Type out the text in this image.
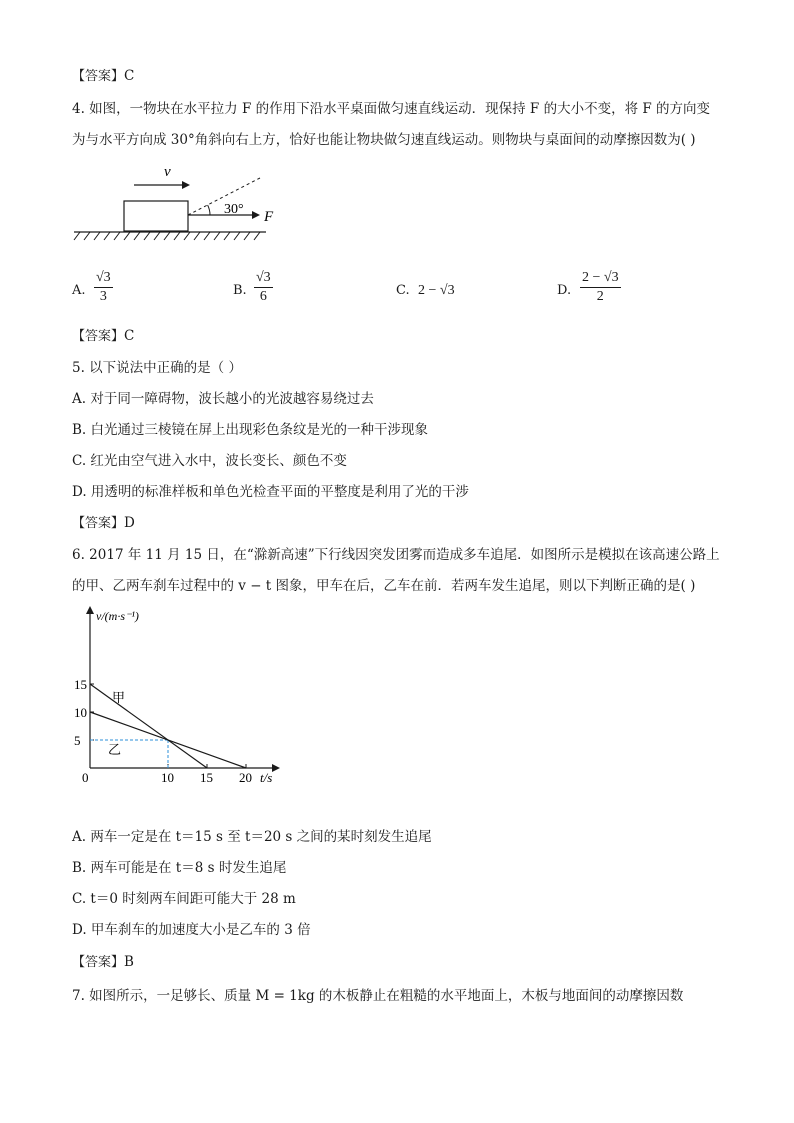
【答案】C
4. 如图，一物块在水平拉力 F 的作用下沿水平桌面做匀速直线运动．现保持 F 的大小不变，将 F 的方向变
为与水平方向成 30°角斜向右上方，恰好也能让物块做匀速直线运动。则物块与桌面间的动摩擦因数为( )
v
30° F
A. $\frac{√3}{3}$	B. $\frac{√3}{6}$	C. 2 − √3	D. $\frac{2 - √3}{2}$
【答案】C
5. 以下说法中正确的是（ ）
A. 对于同一障碍物，波长越小的光波越容易绕过去
B. 白光通过三棱镜在屏上出现彩色条纹是光的一种干涉现象
C. 红光由空气进入水中，波长变长、颜色不变
D. 用透明的标准样板和单色光检查平面的平整度是利用了光的干涉
【答案】D
6. 2017 年 11 月 15 日，在“滁新高速”下行线因突发团雾而造成多车追尾．如图所示是模拟在该高速公路上
的甲、乙两车刹车过程中的 v − t 图象，甲车在后，乙车在前．若两车发生追尾，则以下判断正确的是( )
v/(m·s⁻¹)
t/s
0	10 15 20
5
10
15
甲
乙
A. 两车一定是在 t＝15 s 至 t＝20 s 之间的某时刻发生追尾
B. 两车可能是在 t＝8 s 时发生追尾
C. t＝0 时刻两车间距可能大于 28 m
D. 甲车刹车的加速度大小是乙车的 3 倍
【答案】B
7. 如图所示，一足够长、质量 M = 1kg 的木板静止在粗糙的水平地面上，木板与地面间的动摩擦因数
